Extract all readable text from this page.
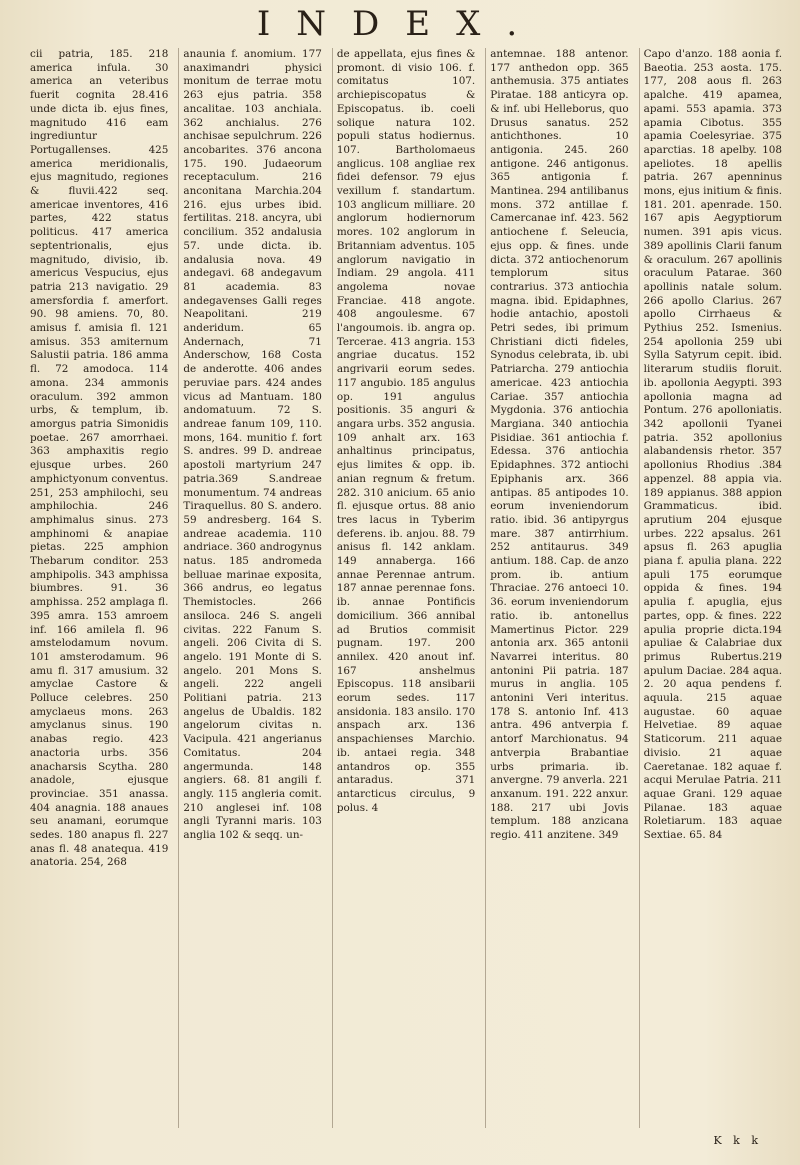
INDEX.

cii patria, 185. 218 america infula. 30 america an veteribus fuerit cognita 28.416 unde dicta ib. ejus fines, magnitudo 416 eam ingrediuntur Portugallenses. 425 america meridionalis, ejus magnitudo, regiones & fluvii.422 seq. americae inventores, 416 partes, 422 status politicus. 417 america septentrionalis, ejus magnitudo, divisio, ib. americus Vespucius, ejus patria 213 navigatio. 29 amersfordia f. amerfort. 90. 98 amiens. 70, 80. amisus f. amisia fl. 121 amisus. 353 amiternum Salustii patria. 186 amma fl. 72 amodoca. 114 amona. 234 ammonis oraculum. 392 ammon urbs, & templum, ib. amorgus patria Simonidis poetae. 267 amorrhaei. 363 amphaxitis regio ejusque urbes. 260 amphictyonum conventus. 251, 253 amphilochi, seu amphilochia. 246 amphimalus sinus. 273 amphinomi & anapiae pietas. 225 amphion Thebarum conditor. 253 amphipolis. 343 amphissa biumbres. 91. 36 amphissa. 252 amplaga fl. 395 amra. 153 amroem inf. 166 amilela fl. 96 amstelodamum novum. 101 amsterodamum. 96 amu fl. 317 amusium. 32 amyclae Castore & Polluce celebres. 250 amyclaeus mons. 263 amyclanus sinus. 190 anabas regio. 423 anactoria urbs. 356 anacharsis Scytha. 280 anadole, ejusque provinciae. 351 anassa. 404 anagnia. 188 anaues seu anamani, eorumque sedes. 180 anapus fl. 227 anas fl. 48 anatequa. 419 anatoria. 254, 268

anaunia f. anomium. 177 anaximandri physici monitum de terrae motu 263 ejus patria. 358 ancalitae. 103 anchiala. 362 anchialus. 276 anchisae sepulchrum. 226 ancobarites. 376 ancona 175. 190. Judaeorum receptaculum. 216 anconitana Marchia.204 216. ejus urbes ibid. fertilitas. 218. ancyra, ubi concilium. 352 andalusia 57. unde dicta. ib. andalusia nova. 49 andegavi. 68 andegavum 81 academia. 83 andegavenses Galli reges Neapolitani. 219 anderidum. 65 Andernach, 71 Anderschow, 168 Costa de anderotte. 406 andes peruviae pars. 424 andes vicus ad Mantuam. 180 andomatuum. 72 S. andreae fanum 109, 110. mons, 164. munitio f. fort S. andres. 99 D. andreae apostoli martyrium 247 patria.369 S.andreae monumentum. 74 andreas Tiraquellus. 80 S. andero. 59 andresberg. 164 S. andreae academia. 110 andriace. 360 androgynus natus. 185 andromeda belluae marinae exposita, 366 andrus, eo legatus Themistocles. 266 ansiloca. 246 S. angeli civitas. 222 Fanum S. angeli. 206 Civita di S. angelo. 191 Monte di S. angelo. 201 Mons S. angeli. 222 angeli Politiani patria. 213 angelus de Ubaldis. 182 angelorum civitas n. Vacipula. 421 angerianus Comitatus. 204 angermunda. 148 angiers. 68. 81 angili f. angly. 115 angleria comit. 210 anglesei inf. 108 angli Tyranni maris. 103 anglia 102 & seqq. un-

de appellata, ejus fines & promont. di visio 106. f. comitatus 107. archiepiscopatus & Episcopatus. ib. coeli solique natura 102. populi status hodiernus. 107. Bartholomaeus anglicus. 108 angliae rex fidei defensor. 79 ejus vexillum f. standartum. 103 anglicum milliare. 20 anglorum hodiernorum mores. 102 anglorum in Britanniam adventus. 105 anglorum navigatio in Indiam. 29 angola. 411 angolema novae Franciae. 418 angote. 408 angoulesme. 67 l'angoumois. ib. angra op. Tercerae. 413 angria. 153 angriae ducatus. 152 angrivarii eorum sedes. 117 angubio. 185 angulus op. 191 angulus positionis. 35 anguri & angara urbs. 352 angusia. 109 anhalt arx. 163 anhaltinus principatus, ejus limites & opp. ib. anian regnum & fretum. 282. 310 anicium. 65 anio fl. ejusque ortus. 88 anio tres lacus in Tyberim deferens. ib. anjou. 88. 79 anisus fl. 142 anklam. 149 annaberga. 166 annae Perennae antrum. 187 annae perennae fons. ib. annae Pontificis domicilium. 366 annibal ad Brutios commisit pugnam. 197. 200 annilex. 420 anout inf. 167 anshelmus Episcopus. 118 ansibarii eorum sedes. 117 ansidonia. 183 ansilo. 170 anspach arx. 136 anspachienses Marchio. ib. antaei regia. 348 antandros op. 355 antaradus. 371 antarcticus circulus, 9 polus. 4

antemnae. 188 antenor. 177 anthedon opp. 365 anthemusia. 375 antiates Piratae. 188 anticyra op. & inf. ubi Helleborus, quo Drusus sanatus. 252 antichthones. 10 antigonia. 245. 260 antigone. 246 antigonus. 365 antigonia f. Mantinea. 294 antilibanus mons. 372 antillae f. Camercanae inf. 423. 562 antiochene f. Seleucia, ejus opp. & fines. unde dicta. 372 antiochenorum templorum situs contrarius. 373 antiochia magna. ibid. Epidaphnes, hodie antachio, apostoli Petri sedes, ibi primum Christiani dicti fideles, Synodus celebrata, ib. ubi Patriarcha. 279 antiochia americae. 423 antiochia Cariae. 357 antiochia Mygdonia. 376 antiochia Margiana. 340 antiochia Pisidiae. 361 antiochia f. Edessa. 376 antiochia Epidaphnes. 372 antiochi Epiphanis arx. 366 antipas. 85 antipodes 10. eorum inveniendorum ratio. ibid. 36 antipyrgus mare. 387 antirrhium. 252 antitaurus. 349 antium. 188. Cap. de anzo prom. ib. antium Thraciae. 276 antoeci 10. 36. eorum inveniendorum ratio. ib. antonellus Mamertinus Pictor. 229 antonia arx. 365 antonii Navarrei interitus. 80 antonini Pii patria. 187 murus in anglia. 105 antonini Veri interitus. 178 S. antonio Inf. 413 antra. 496 antverpia f. antorf Marchionatus. 94 antverpia Brabantiae urbs primaria. ib. anvergne. 79 anverla. 221 anxanum. 191. 222 anxur. 188. 217 ubi Jovis templum. 188 anzicana regio. 411 anzitene. 349

Capo d'anzo. 188 aonia f. Baeotia. 253 aosta. 175. 177, 208 aous fl. 263 apalche. 419 apamea, apami. 553 apamia. 373 apamia Cibotus. 355 apamia Coelesyriae. 375 aparctias. 18 apelby. 108 apeliotes. 18 apellis patria. 267 apenninus mons, ejus initium & finis. 181. 201. apenrade. 150. 167 apis Aegyptiorum numen. 391 apis vicus. 389 apollinis Clarii fanum & oraculum. 267 apollinis oraculum Patarae. 360 apollinis natale solum. 266 apollo Clarius. 267 apollo Cirrhaeus & Pythius 252. Ismenius. 254 apollonia 259 ubi Sylla Satyrum cepit. ibid. literarum studiis floruit. ib. apollonia Aegypti. 393 apollonia magna ad Pontum. 276 apolloniatis. 342 apollonii Tyanei patria. 352 apollonius alabandensis rhetor. 357 apollonius Rhodius .384 appenzel. 88 appia via. 189 appianus. 388 appion Grammaticus. ibid. aprutium 204 ejusque urbes. 222 apsalus. 261 apsus fl. 263 apuglia piana f. apulia plana. 222 apuli 175 eorumque oppida & fines. 194 apulia f. apuglia, ejus partes, opp. & fines. 222 apulia proprie dicta.194 apuliae & Calabriae dux primus Rubertus.219 apulum Daciae. 284 aqua. 2. 20 aqua pendens f. aquula. 215 aquae augustae. 60 aquae Helvetiae. 89 aquae Staticorum. 211 aquae divisio. 21 aquae Caeretanae. 182 aquae f. acqui Merulae Patria. 211 aquae Grani. 129 aquae Pilanae. 183 aquae Roletiarum. 183 aquae Sextiae. 65. 84

K k k
